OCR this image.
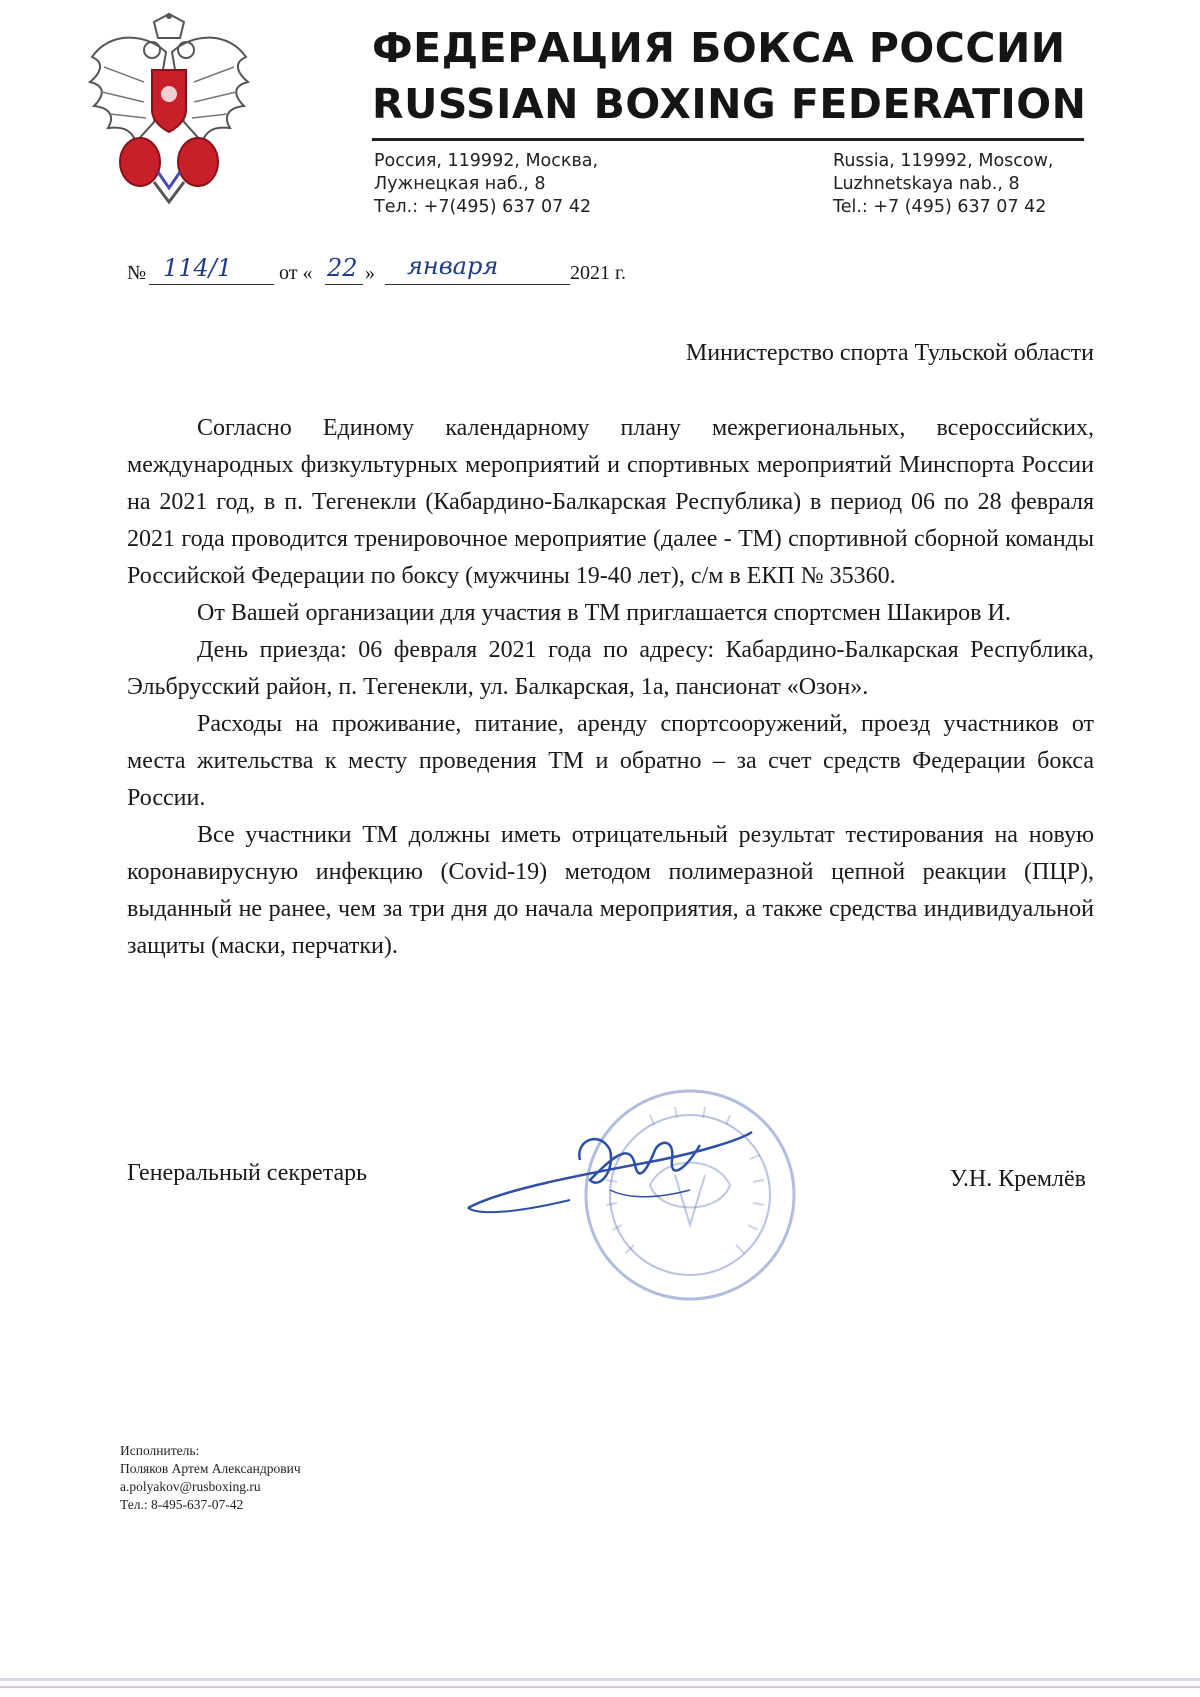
ФЕДЕРАЦИЯ БОКСА РОССИИ
RUSSIAN BOXING FEDERATION
Россия, 119992, Москва,
Лужнецкая наб., 8
Тел.: +7(495) 637 07 42
Russia, 119992, Moscow,
Luzhnetskaya nab., 8
Tel.: +7 (495) 637 07 42
№ 114/1 от « 22 » января	2021 г.
Министерство спорта Тульской области

Согласно Единому календарному плану межрегиональных, всероссийских, международных физкультурных мероприятий и спортивных мероприятий Минспорта России на 2021 год, в п. Тегенекли (Кабардино-Балкарская Республика) в период 06 по 28 февраля 2021 года проводится тренировочное мероприятие (далее - ТМ) спортивной сборной команды Российской Федерации по боксу (мужчины 19-40 лет), с/м в ЕКП № 35360.

От Вашей организации для участия в ТМ приглашается спортсмен Шакиров И.

День приезда: 06 февраля 2021 года по адресу: Кабардино-Балкарская Республика, Эльбрусский район, п. Тегенекли, ул. Балкарская, 1а, пансионат «Озон».

Расходы на проживание, питание, аренду спортсооружений, проезд участников от места жительства к месту проведения ТМ и обратно – за счет средств Федерации бокса России.

Все участники ТМ должны иметь отрицательный результат тестирования на новую коронавирусную инфекцию (Covid-19) методом полимеразной цепной реакции (ПЦР), выданный не ранее, чем за три дня до начала мероприятия, а также средства индивидуальной защиты (маски, перчатки).

Генеральный секретарь	У.Н. Кремлёв
Исполнитель:
Поляков Артем Александрович
a.polyakov@rusboxing.ru
Тел.: 8-495-637-07-42
